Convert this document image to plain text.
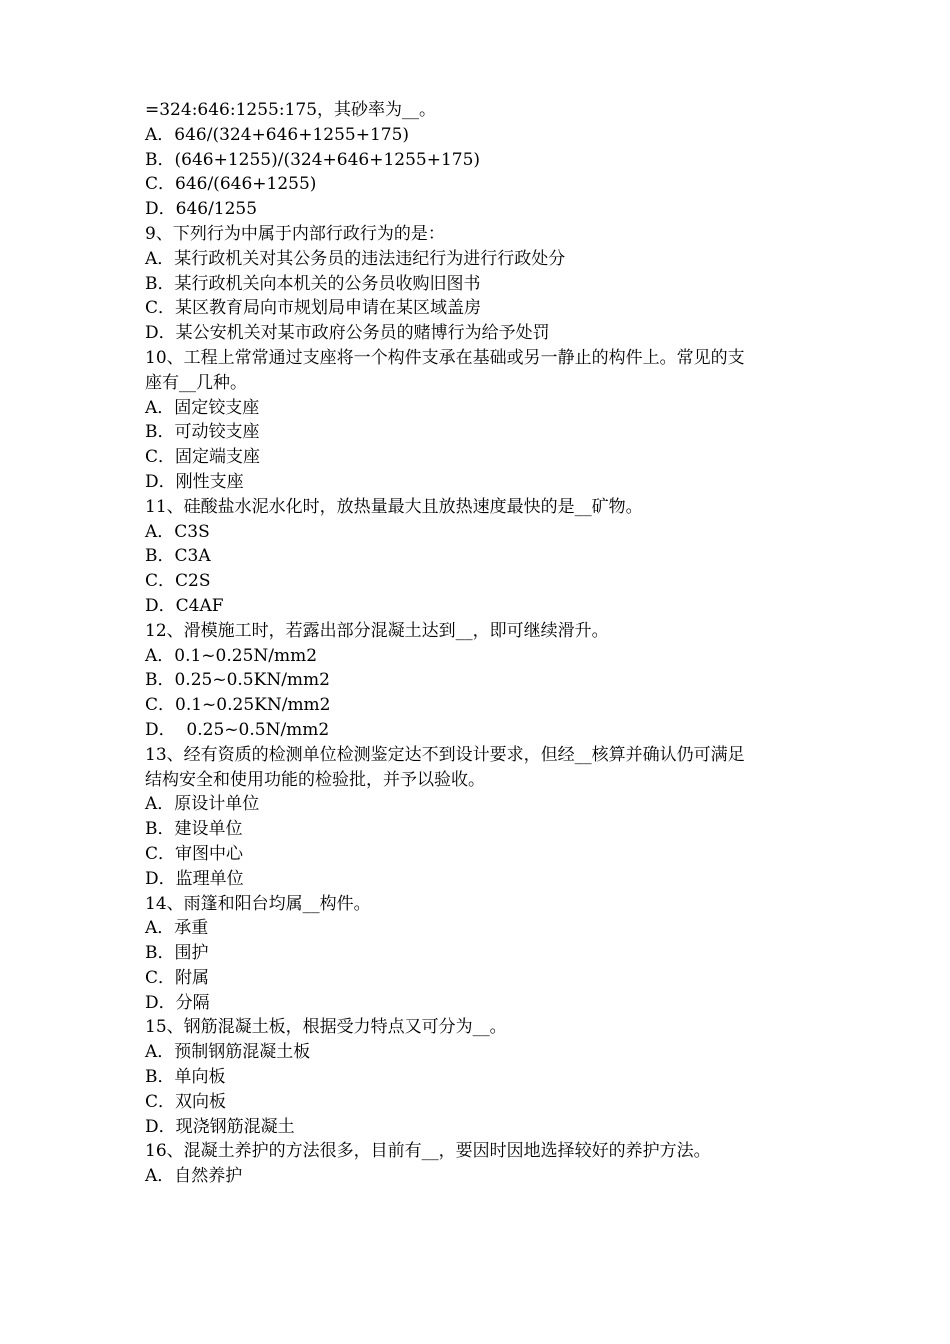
=324:646:1255:175，其砂率为__。
A．646/(324+646+1255+175)
B．(646+1255)/(324+646+1255+175)
C．646/(646+1255)
D．646/1255
9、下列行为中属于内部行政行为的是：
A．某行政机关对其公务员的违法违纪行为进行行政处分
B．某行政机关向本机关的公务员收购旧图书
C．某区教育局向市规划局申请在某区域盖房
D．某公安机关对某市政府公务员的赌博行为给予处罚
10、工程上常常通过支座将一个构件支承在基础或另一静止的构件上。常见的支
座有__几种。
A．固定铰支座
B．可动铰支座
C．固定端支座
D．刚性支座
11、硅酸盐水泥水化时，放热量最大且放热速度最快的是__矿物。
A．C3S
B．C3A
C．C2S
D．C4AF
12、滑模施工时，若露出部分混凝土达到__，即可继续滑升。
A．0.1~0.25N/mm2
B．0.25~0.5KN/mm2
C．0.1~0.25KN/mm2
D．  0.25~0.5N/mm2
13、经有资质的检测单位检测鉴定达不到设计要求，但经__核算并确认仍可满足
结构安全和使用功能的检验批，并予以验收。
A．原设计单位
B．建设单位
C．审图中心
D．监理单位
14、雨篷和阳台均属__构件。
A．承重
B．围护
C．附属
D．分隔
15、钢筋混凝土板，根据受力特点又可分为__。
A．预制钢筋混凝土板
B．单向板
C．双向板
D．现浇钢筋混凝土
16、混凝土养护的方法很多，目前有__，要因时因地选择较好的养护方法。
A．自然养护
